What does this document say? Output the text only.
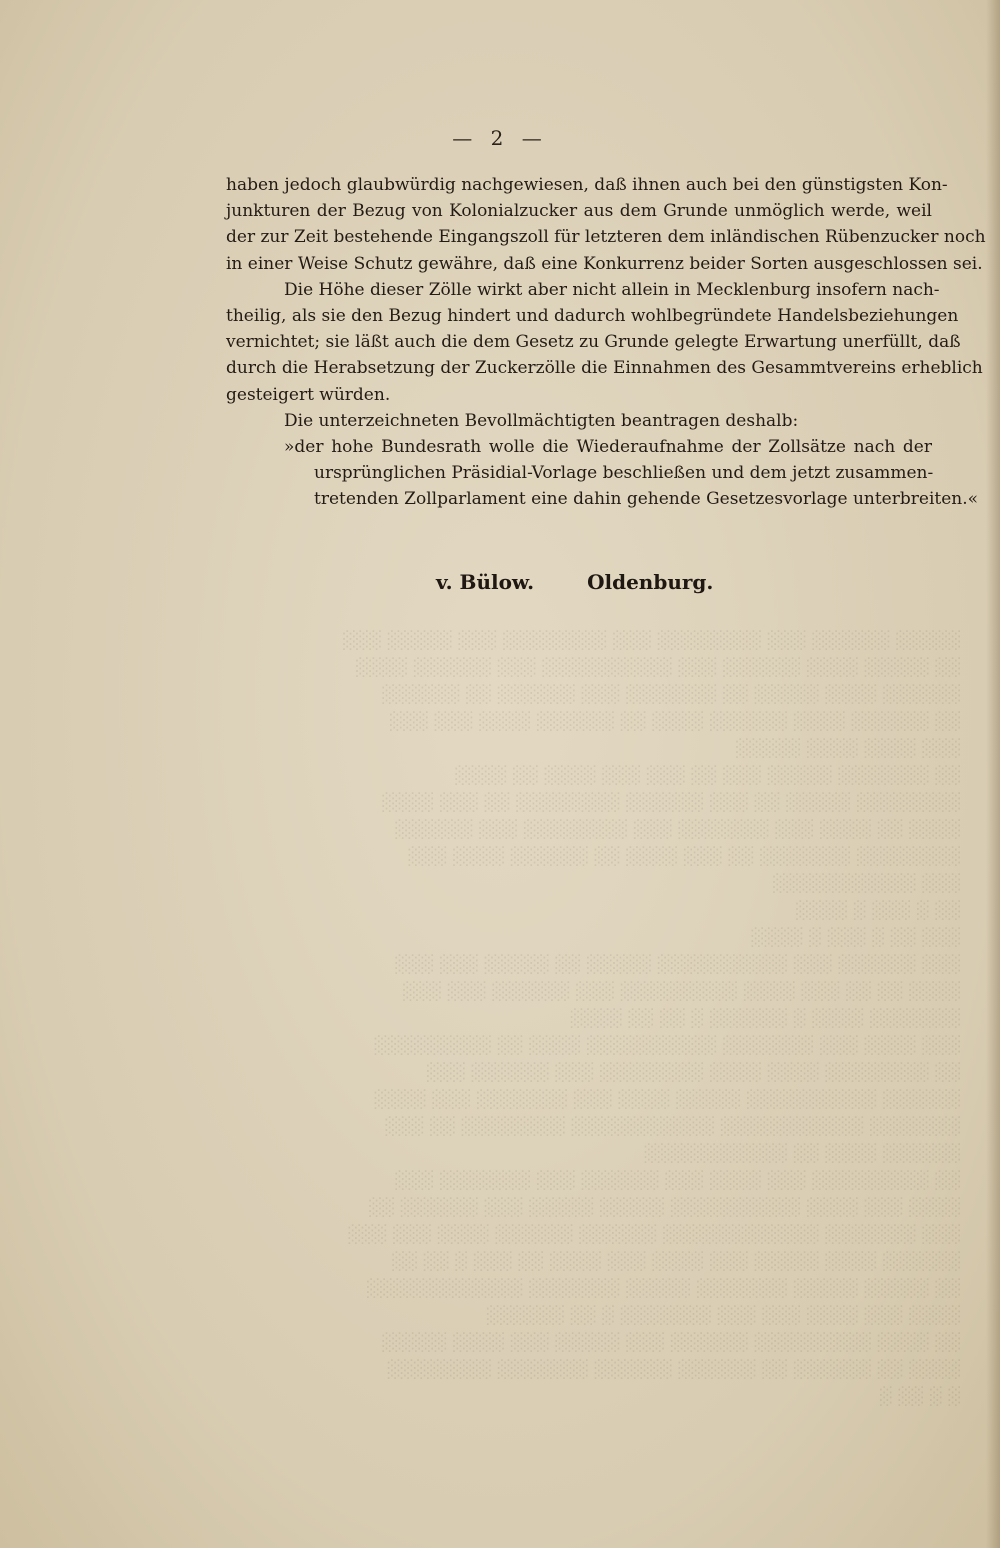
— 2 —
haben jedoch glaubwürdig nachgewiesen, daß ihnen auch bei den günstigsten Kon-
junkturen der Bezug von Kolonialzucker aus dem Grunde unmöglich werde, weil
der zur Zeit bestehende Eingangszoll für letzteren dem inländischen Rübenzucker noch
in einer Weise Schutz gewähre, daß eine Konkurrenz beider Sorten ausgeschlossen sei.
Die Höhe dieser Zölle wirkt aber nicht allein in Mecklenburg insofern nach-
theilig, als sie den Bezug hindert und dadurch wohlbegründete Handelsbeziehungen
vernichtet; sie läßt auch die dem Gesetz zu Grunde gelegte Erwartung unerfüllt, daß
durch die Herabsetzung der Zuckerzölle die Einnahmen des Gesammtvereins erheblich
gesteigert würden.
Die unterzeichneten Bevollmächtigten beantragen deshalb:
»der hohe Bundesrath wolle die Wiederaufnahme der Zollsätze nach der
ursprünglichen Präsidial-Vorlage beschließen und dem jetzt zusammen-
tretenden Zollparlament eine dahin gehende Gesetzesvorlage unterbreiten.«
v. Bülow.	Oldenburg.
░░░░░ ░░░░░░ ░░░ ░░░░░░░░ ░░░ ░░░░░░░░ ░░░ ░░░░░ ░░░
░░ ░░░░░ ░░░░ ░░░░░░ ░░░ ░░░░░░░░░░ ░░░ ░░░░░░ ░░░░
░░░░░░ ░░░░ ░░░░░ ░░ ░░░░░░░ ░░░ ░░░░░░ ░░ ░░░░░░
░░ ░░░░░░ ░░░░ ░░░░░░ ░░░░ ░░ ░░░░░░ ░░░░ ░░░ ░░░
░░░ ░░░░ ░░░░ ░░░░░
░░ ░░░░░░░ ░░░░░ ░░░ ░░ ░░░ ░░░ ░░░░ ░░ ░░░░
░░░░░░░░ ░░░░░ ░░ ░░░ ░░░░░░ ░░░░░░░░ ░░ ░░░ ░░░░
░░░░ ░░ ░░░░ ░░░ ░░░░░░░ ░░░ ░░░░░░░░ ░░░ ░░░░░░
░░░░░░░░ ░░░░░░░ ░░ ░░░ ░░░░ ░░ ░░░░░░ ░░░░ ░░░
░░░ ░░░░░░░░░░░
░░ ░ ░░░ ░ ░░░░
░░░ ░░ ░ ░░░ ░ ░░░░
░░░ ░░░░░░ ░░░ ░░░░░░░░░░ ░░░░░ ░░ ░░░░░ ░░░ ░░░
░░░░ ░░ ░░ ░░░ ░░░░ ░░░░░░░░░ ░░░ ░░░░░░ ░░░ ░░░
░░░░░░░ ░░░░ ░ ░░░░░░ ░ ░░ ░░ ░░░░
░░░ ░░░░ ░░░ ░░░░░░░ ░░░░░░░░░░ ░░░░ ░░ ░░░░░░░░░
░░ ░░░░░░░░ ░░░░ ░░░░ ░░░░░░░░ ░░░ ░░░░░░ ░░░
░░░░░░ ░░░░░░░░░░ ░░░░░ ░░░░ ░░░ ░░░░░░░ ░░░ ░░░░
░░░░░░░ ░░░░░░░░░░░ ░░░░░░░░░░░ ░░░░░░░░ ░░ ░░░
░░░░░░ ░░░░ ░░ ░░░░░░░░░░░
░░ ░░░░░░░░░ ░░░ ░░░░ ░░░ ░░░░░░ ░░░ ░░░░░░░ ░░░
░░░░ ░░░ ░░░░ ░░░░░░░░░░ ░░░░░ ░░░░░ ░░░ ░░░░░░ ░░
░░░ ░░░░░░░ ░░░░░░░░░░░░ ░░░░░░ ░░░░░░ ░░░░ ░░░ ░░░
░░░░░░ ░░░░ ░░░░░ ░░░ ░░░░ ░░░ ░░░░ ░░ ░░░ ░ ░░ ░░
░░ ░░░░░ ░░░░░ ░░░░░░░ ░░░░░ ░░░░░░░ ░░░░░░░░░░░░
░░░░ ░░░ ░░░░ ░░░ ░░░ ░░░░░░░ ░ ░░ ░░░░░░
░░ ░░░░ ░░░░░░░░░ ░░░░░░ ░░░ ░░░░░ ░░░ ░░░░ ░░░░░
░░░░ ░░ ░░░░░░ ░░ ░░░░░░ ░░░░░░ ░░░░░░░ ░░░░░░░░
░ ░ ░░ ░
